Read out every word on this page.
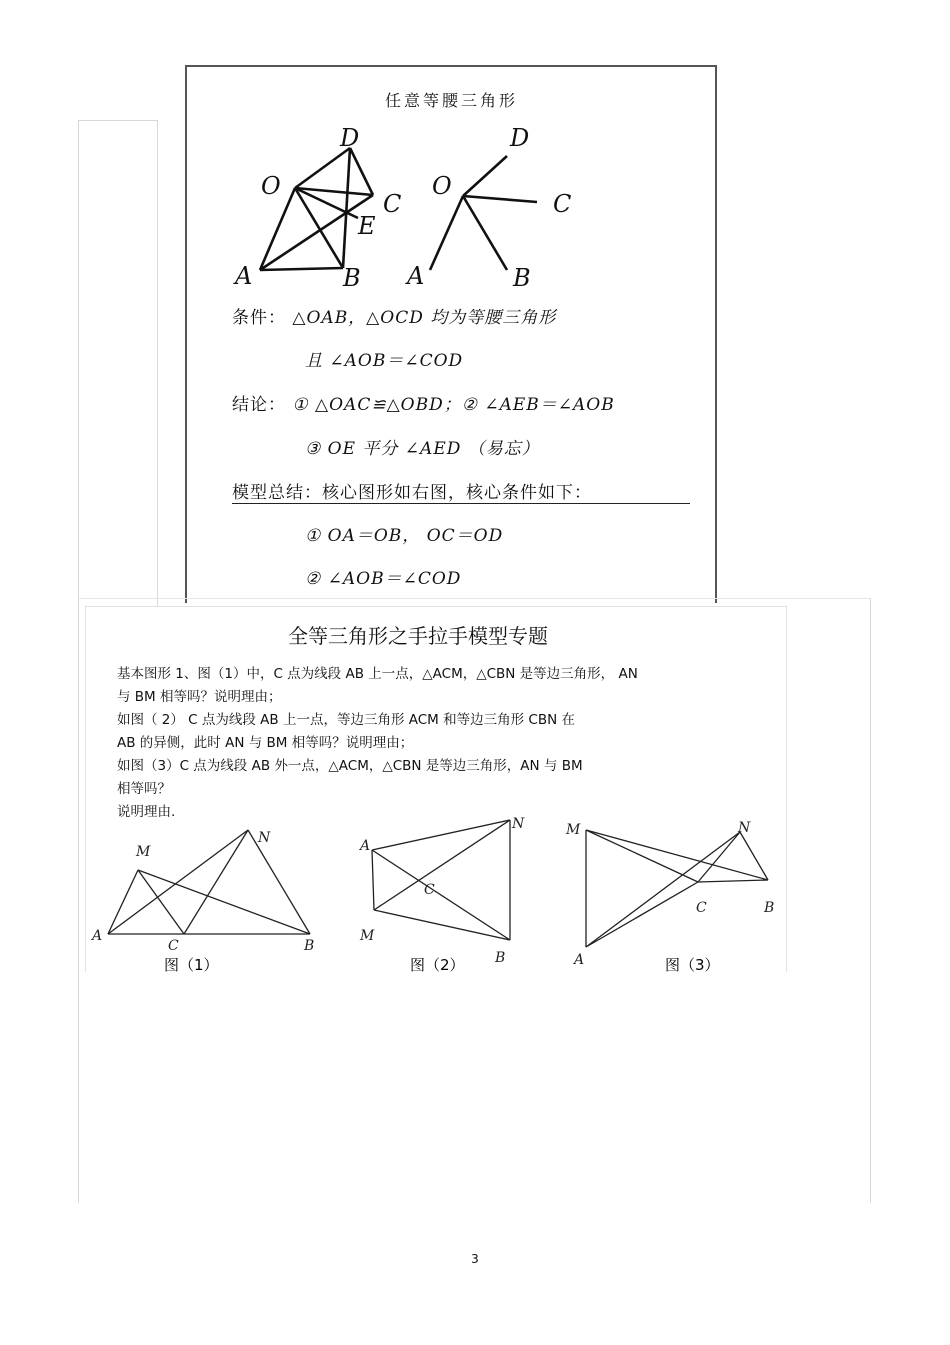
任意等腰三角形
D
O
C
E
A	B
D
O
C
A	B
条件： △OAB，△OCD 均为等腰三角形
且 ∠AOB＝∠COD
结论： ① △OAC≌△OBD；② ∠AEB＝∠AOB
③ OE 平分 ∠AED （易忘）
模型总结：核心图形如右图，核心条件如下：
① OA＝OB， OC＝OD
② ∠AOB＝∠COD
全等三角形之手拉手模型专题
基本图形 1、图（1）中，C 点为线段 AB 上一点，△ACM，△CBN 是等边三角形， AN
与 BM 相等吗？说明理由；
如图（ 2） C 点为线段 AB 上一点，等边三角形 ACM 和等边三角形 CBN 在
AB 的异侧，此时 AN 与 BM 相等吗？说明理由；
如图（3）C 点为线段 AB 外一点，△ACM，△CBN 是等边三角形，AN 与 BM
相等吗？
说明理由.
M
N
A
C	B
图（1）
A
N
C
M
B
图（2）
M	N
C	B
A	图（3）
3
